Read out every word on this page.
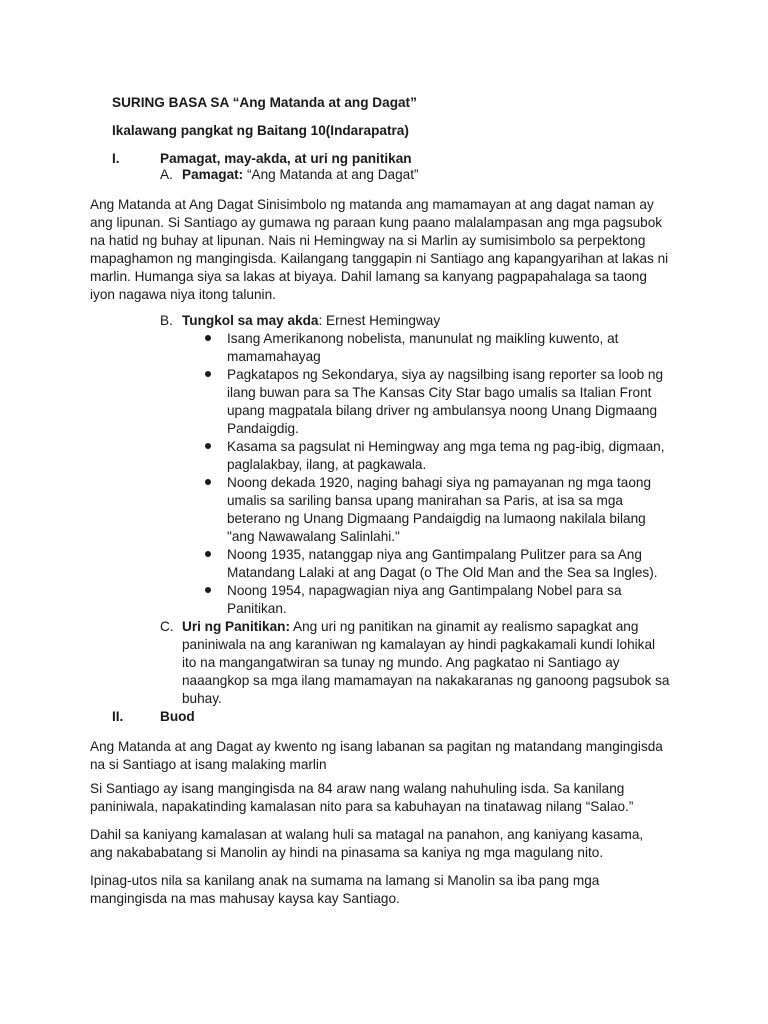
SURING BASA SA “Ang Matanda at ang Dagat”
Ikalawang pangkat ng Baitang 10(Indarapatra)
I.	Pamagat, may-akda, at uri ng panitikan
A. Pamagat: “Ang Matanda at ang Dagat”
Ang Matanda at Ang Dagat Sinisimbolo ng matanda ang mamamayan at ang dagat naman ay
ang lipunan. Si Santiago ay gumawa ng paraan kung paano malalampasan ang mga pagsubok
na hatid ng buhay at lipunan. Nais ni Hemingway na si Marlin ay sumisimbolo sa perpektong
mapaghamon ng mangingisda. Kailangang tanggapin ni Santiago ang kapangyarihan at lakas ni
marlin. Humanga siya sa lakas at biyaya. Dahil lamang sa kanyang pagpapahalaga sa taong
iyon nagawa niya itong talunin.
B. Tungkol sa may akda: Ernest Hemingway
Isang Amerikanong nobelista, manunulat ng maikling kuwento, at
mamamahayag
Pagkatapos ng Sekondarya, siya ay nagsilbing isang reporter sa loob ng
ilang buwan para sa The Kansas City Star bago umalis sa Italian Front
upang magpatala bilang driver ng ambulansya noong Unang Digmaang
Pandaigdig.
Kasama sa pagsulat ni Hemingway ang mga tema ng pag-ibig, digmaan,
paglalakbay, ilang, at pagkawala.
Noong dekada 1920, naging bahagi siya ng pamayanan ng mga taong
umalis sa sariling bansa upang manirahan sa Paris, at isa sa mga
beterano ng Unang Digmaang Pandaigdig na lumaong nakilala bilang
"ang Nawawalang Salinlahi."
Noong 1935, natanggap niya ang Gantimpalang Pulitzer para sa Ang
Matandang Lalaki at ang Dagat (o The Old Man and the Sea sa Ingles).
Noong 1954, napagwagian niya ang Gantimpalang Nobel para sa
Panitikan.
C. Uri ng Panitikan: Ang uri ng panitikan na ginamit ay realismo sapagkat ang
paniniwala na ang karaniwan ng kamalayan ay hindi pagkakamali kundi lohikal
ito na mangangatwiran sa tunay ng mundo. Ang pagkatao ni Santiago ay
naaangkop sa mga ilang mamamayan na nakakaranas ng ganoong pagsubok sa
buhay.
II.	Buod
Ang Matanda at ang Dagat ay kwento ng isang labanan sa pagitan ng matandang mangingisda
na si Santiago at isang malaking marlin
Si Santiago ay isang mangingisda na 84 araw nang walang nahuhuling isda. Sa kanilang
paniniwala, napakatinding kamalasan nito para sa kabuhayan na tinatawag nilang “Salao.”
Dahil sa kaniyang kamalasan at walang huli sa matagal na panahon, ang kaniyang kasama,
ang nakababatang si Manolin ay hindi na pinasama sa kaniya ng mga magulang nito.
Ipinag-utos nila sa kanilang anak na sumama na lamang si Manolin sa iba pang mga
mangingisda na mas mahusay kaysa kay Santiago.
